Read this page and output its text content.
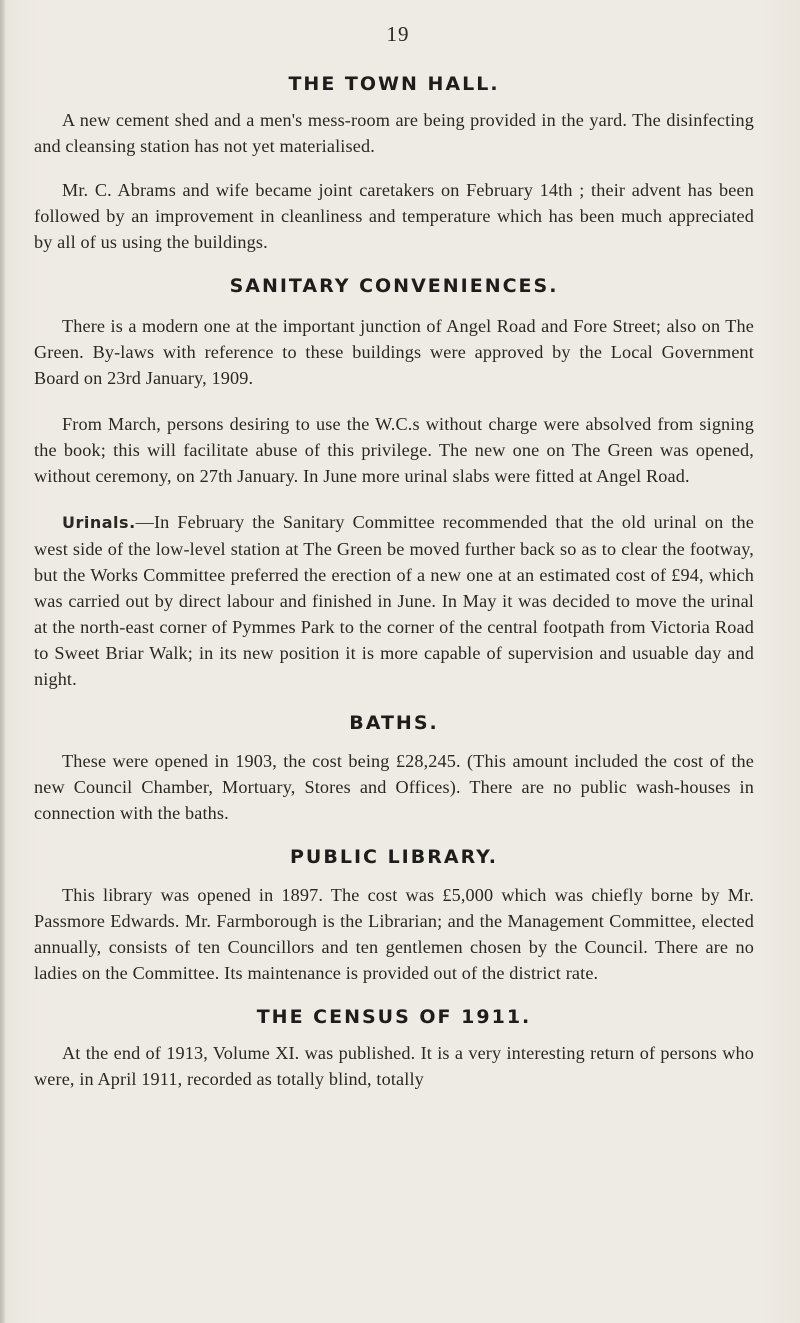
19
THE TOWN HALL.

A new cement shed and a men's mess-room are being provided in the yard. The disinfecting and cleansing station has not yet materialised.

Mr. C. Abrams and wife became joint caretakers on February 14th ; their advent has been followed by an improvement in cleanliness and temperature which has been much appreciated by all of us using the buildings.

SANITARY CONVENIENCES.

There is a modern one at the important junction of Angel Road and Fore Street; also on The Green. By-laws with reference to these buildings were approved by the Local Government Board on 23rd January, 1909.

From March, persons desiring to use the W.C.s without charge were absolved from signing the book; this will facilitate abuse of this privilege. The new one on The Green was opened, without ceremony, on 27th January. In June more urinal slabs were fitted at Angel Road.

Urinals.—In February the Sanitary Committee recommended that the old urinal on the west side of the low-level station at The Green be moved further back so as to clear the footway, but the Works Committee preferred the erection of a new one at an estimated cost of £94, which was carried out by direct labour and finished in June. In May it was decided to move the urinal at the north-east corner of Pymmes Park to the corner of the central footpath from Victoria Road to Sweet Briar Walk; in its new position it is more capable of supervision and usuable day and night.

BATHS.

These were opened in 1903, the cost being £28,245. (This amount included the cost of the new Council Chamber, Mortuary, Stores and Offices). There are no public wash-houses in connection with the baths.

PUBLIC LIBRARY.

This library was opened in 1897. The cost was £5,000 which was chiefly borne by Mr. Passmore Edwards. Mr. Farmborough is the Librarian; and the Management Committee, elected annually, consists of ten Councillors and ten gentlemen chosen by the Council. There are no ladies on the Committee. Its maintenance is provided out of the district rate.

THE CENSUS OF 1911.

At the end of 1913, Volume XI. was published. It is a very interesting return of persons who were, in April 1911, recorded as totally blind, totally
